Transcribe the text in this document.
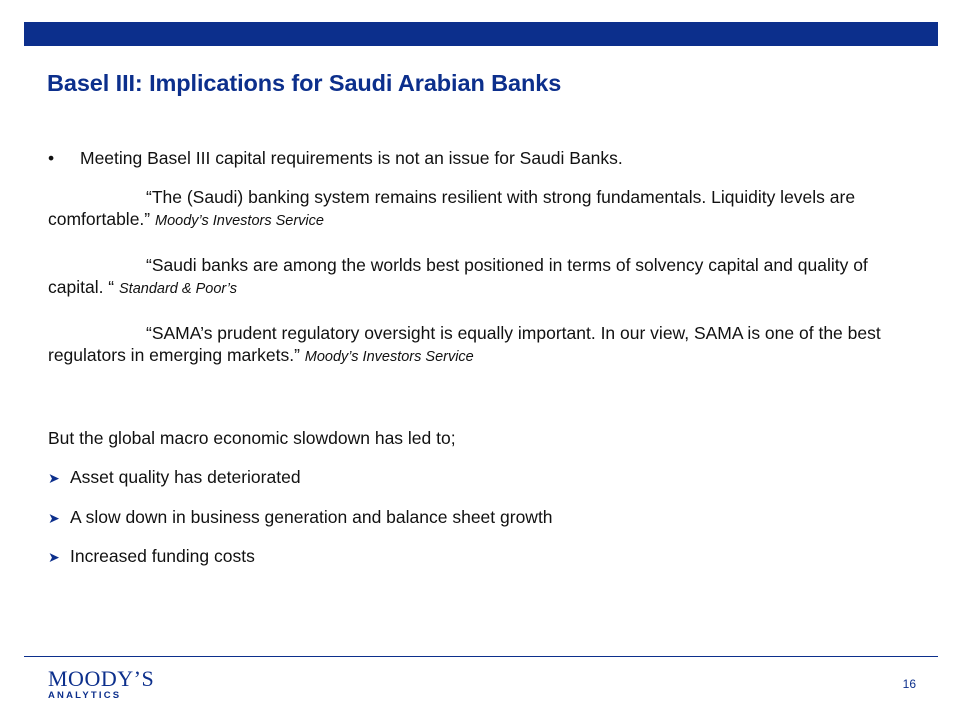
Basel III: Implications for Saudi Arabian Banks
• Meeting Basel III capital requirements is not an issue for Saudi Banks.
“The (Saudi) banking system remains resilient with strong fundamentals. Liquidity levels are comfortable.” Moody’s Investors Service
“Saudi banks are among the worlds best positioned in terms of solvency capital and quality of capital. “ Standard & Poor’s
“SAMA’s prudent regulatory oversight is equally important. In our view, SAMA is one of the best regulators in emerging markets.” Moody’s Investors Service
But the global macro economic slowdown has led to;
➤ Asset quality has deteriorated
➤ A slow down in business generation and balance sheet growth
➤ Increased funding costs
MOODY’S
ANALYTICS
16
